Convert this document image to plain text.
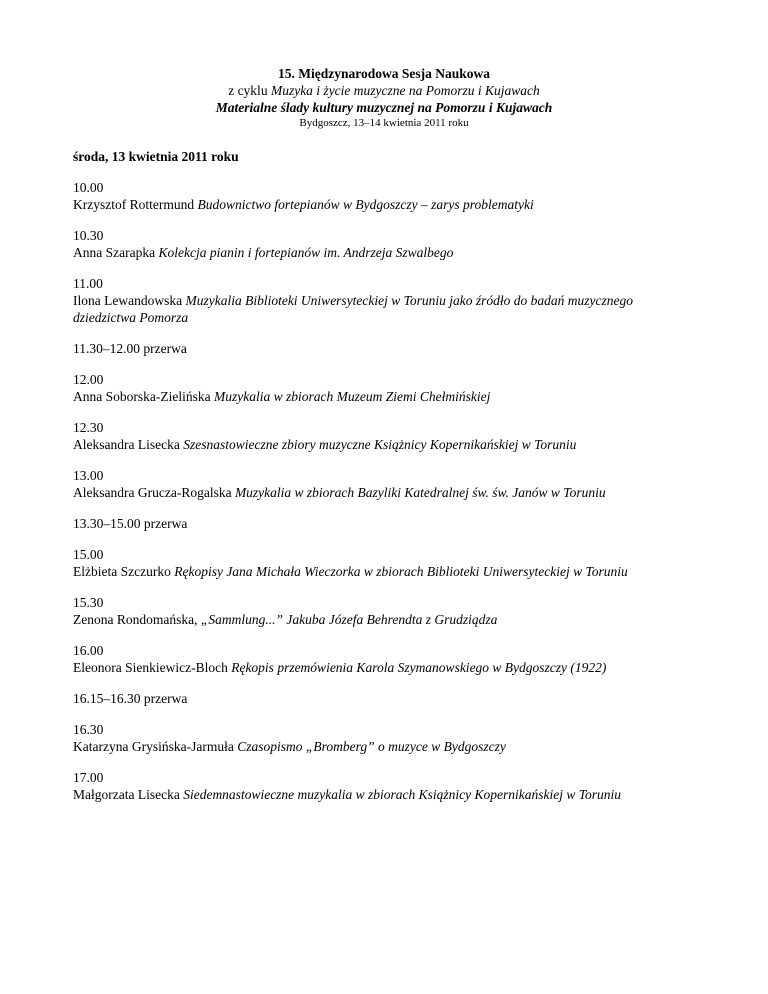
15. Międzynarodowa Sesja Naukowa
z cyklu Muzyka i życie muzyczne na Pomorzu i Kujawach
Materialne ślady kultury muzycznej na Pomorzu i Kujawach
Bydgoszcz, 13–14 kwietnia 2011 roku
środa, 13 kwietnia 2011 roku
10.00
Krzysztof Rottermund Budownictwo fortepianów w Bydgoszczy – zarys problematyki
10.30
Anna Szarapka Kolekcja pianin i fortepianów im. Andrzeja Szwalbego
11.00
Ilona Lewandowska Muzykalia Biblioteki Uniwersyteckiej w Toruniu jako źródło do badań muzycznego dziedzictwa Pomorza
11.30–12.00 przerwa
12.00
Anna Soborska-Zielińska Muzykalia w zbiorach Muzeum Ziemi Chełmińskiej
12.30
Aleksandra Lisecka Szesnastowieczne zbiory muzyczne Książnicy Kopernikańskiej w Toruniu
13.00
Aleksandra Grucza-Rogalska Muzykalia w zbiorach Bazyliki Katedralnej św. św. Janów w Toruniu
13.30–15.00 przerwa
15.00
Elżbieta Szczurko Rękopisy Jana Michała Wieczorka w zbiorach Biblioteki Uniwersyteckiej w Toruniu
15.30
Zenona Rondomańska, „Sammlung...” Jakuba Józefa Behrendta z Grudziądza
16.00
Eleonora Sienkiewicz-Bloch Rękopis przemówienia Karola Szymanowskiego w Bydgoszczy (1922)
16.15–16.30 przerwa
16.30
Katarzyna Grysińska-Jarmuła Czasopismo „Bromberg” o muzyce w Bydgoszczy
17.00
Małgorzata Lisecka Siedemnastowieczne muzykalia w zbiorach Książnicy Kopernikańskiej w Toruniu
